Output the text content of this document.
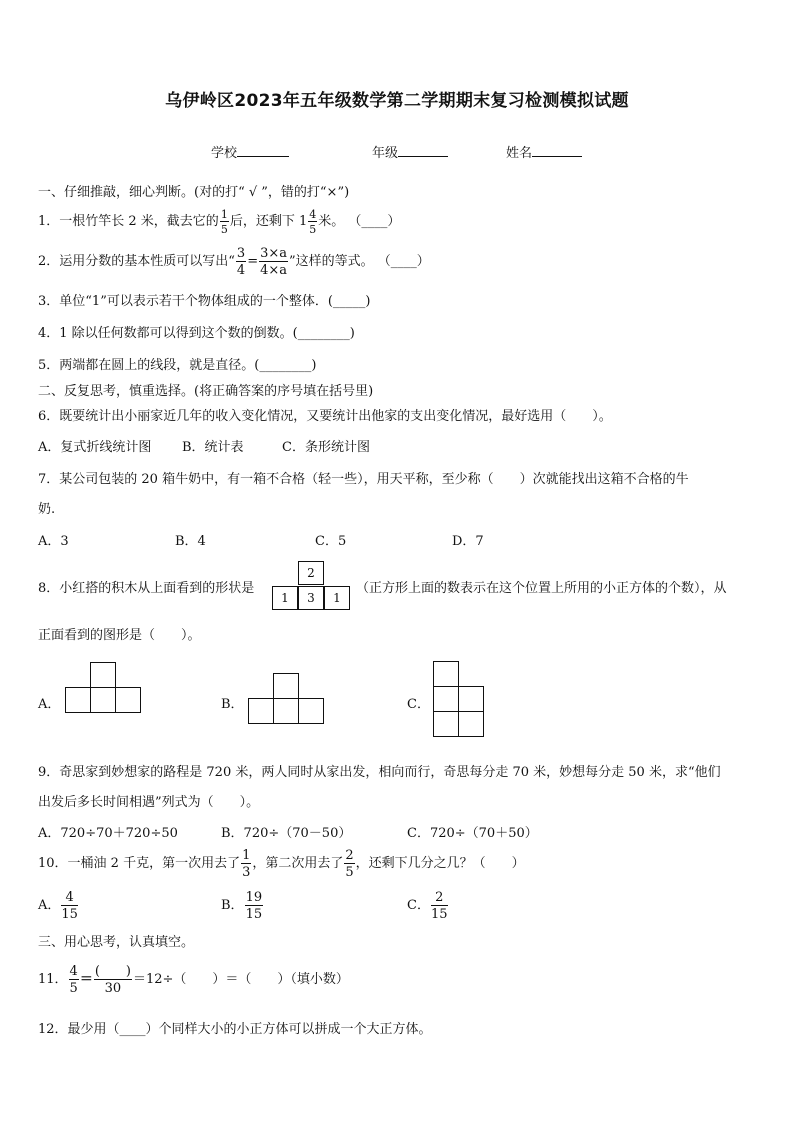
乌伊岭区2023年五年级数学第二学期期末复习检测模拟试题
学校	年级	姓名
一、仔细推敲，细心判断。(对的打“ √ ”，错的打“×”)
1．一根竹竿长 2 米，截去它的 $\frac{1}{5}$ 后，还剩下 $1 \frac{4}{5}$ 米。 （____）
2．运用分数的基本性质可以写出“ $\frac{3}{4} = \frac{3\times a}{4\times a}$ ”这样的等式。 （____）
3．单位“1”可以表示若干个物体组成的一个整体．(_____)
4．1 除以任何数都可以得到这个数的倒数。(________)
5．两端都在圆上的线段，就是直径。(________)
二、反复思考，慎重选择。(将正确答案的序号填在括号里)
6．既要统计出小丽家近几年的收入变化情况，又要统计出他家的支出变化情况，最好选用（　　）。
A．复式折线统计图 B．统计表	C．条形统计图
7．某公司包装的 20 箱牛奶中，有一箱不合格（轻一些），用天平称，至少称（　　）次就能找出这箱不合格的牛
奶.
A．3	B．4	C．5	D．7
8．小红搭的积木从上面看到的形状是
2
1	3	1
（正方形上面的数表示在这个位置上所用的小正方体的个数），从
正面看到的图形是（　　）。
A．	B．	C．
9．奇思家到妙想家的路程是 720 米，两人同时从家出发，相向而行，奇思每分走 70 米，妙想每分走 50 米，求“他们
出发后多长时间相遇”列式为（　　）。
A．720÷70＋720÷50	B．720÷（70－50）	C．720÷（70＋50）
10．一桶油 2 千克，第一次用去了 $\frac{1}{3}$ ，第二次用去了 $\frac{2}{5}$ ，还剩下几分之几？（　　）
A． $\frac{4}{15}$	B． $\frac{19}{15}$	C． $\frac{2}{15}$
三、用心思考，认真填空。
11． $\frac{4}{5} = \frac{( )}{30} =12\div$（　　）＝（　　）（填小数）
12．最少用（____）个同样大小的小正方体可以拼成一个大正方体。
